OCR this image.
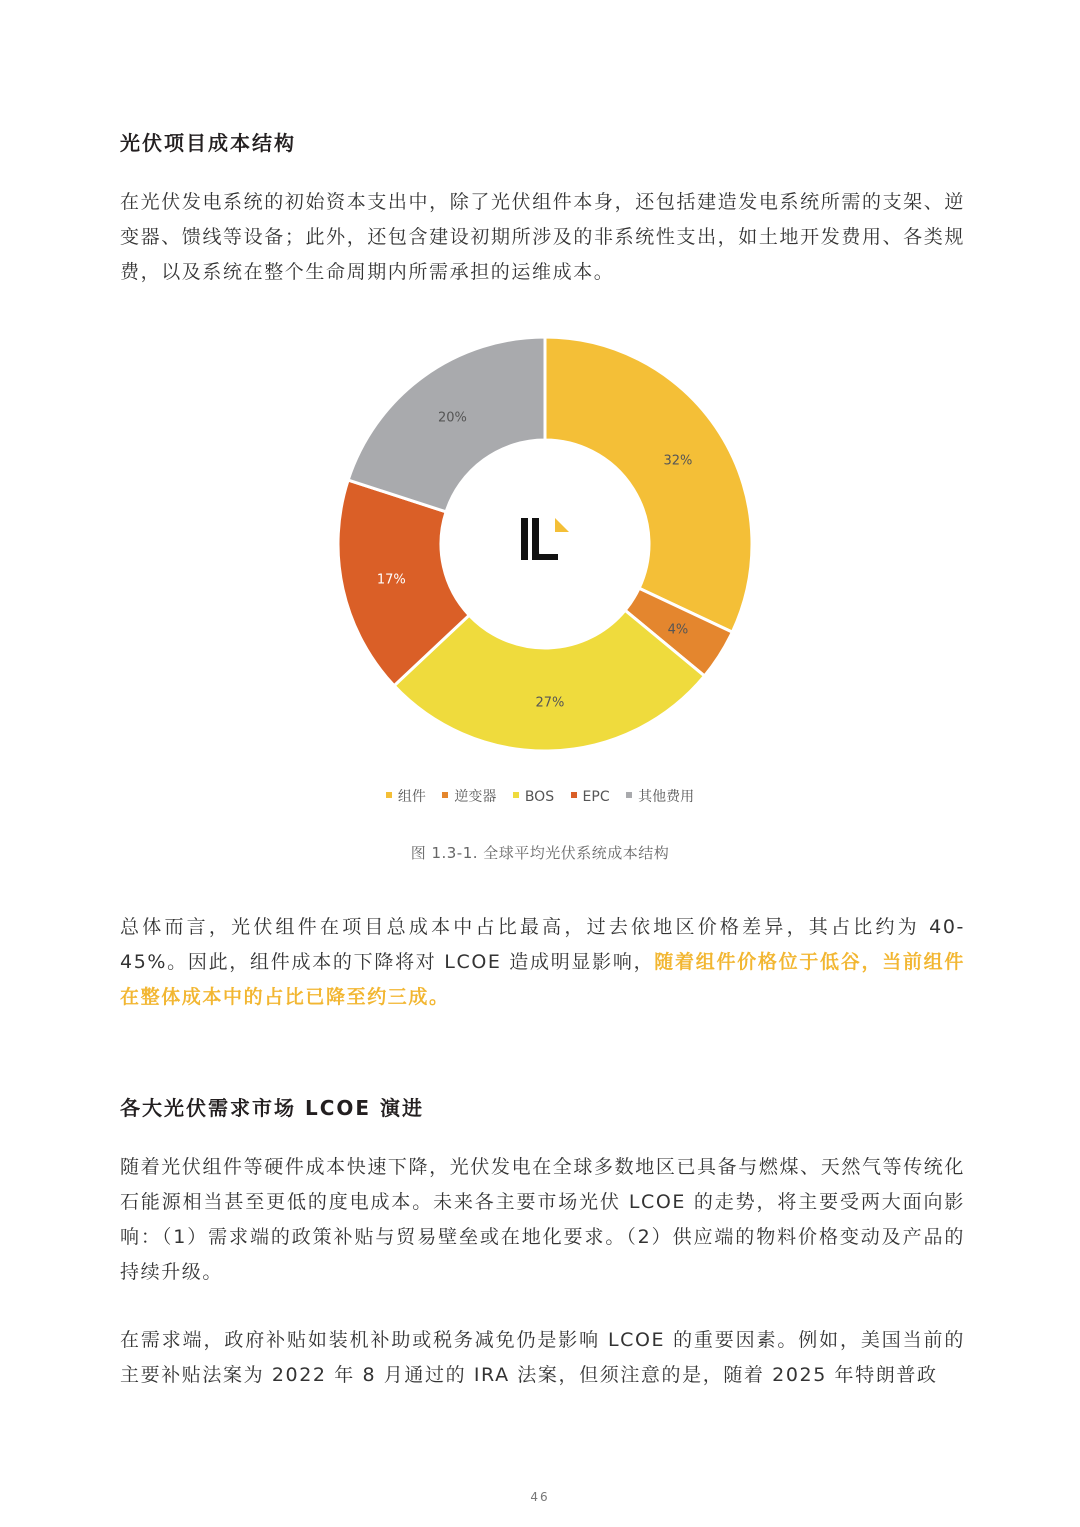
光伏项目成本结构
在光伏发电系统的初始资本支出中，除了光伏组件本身，还包括建造发电系统所需的支架、逆变器、馈线等设备；此外，还包含建设初期所涉及的非系统性支出，如土地开发费用、各类规费，以及系统在整个生命周期内所需承担的运维成本。
32%
4%
27%
17%
20%
组件 逆变器 BOS EPC 其他费用
图 1.3-1. 全球平均光伏系统成本结构
总体而言，光伏组件在项目总成本中占比最高，过去依地区价格差异，其占比约为 40-45%。因此，组件成本的下降将对 LCOE 造成明显影响，随着组件价格位于低谷，当前组件在整体成本中的占比已降至约三成。
各大光伏需求市场 LCOE 演进
随着光伏组件等硬件成本快速下降，光伏发电在全球多数地区已具备与燃煤、天然气等传统化石能源相当甚至更低的度电成本。未来各主要市场光伏 LCOE 的走势，将主要受两大面向影响：（1）需求端的政策补贴与贸易壁垒或在地化要求。（2）供应端的物料价格变动及产品的持续升级。
在需求端，政府补贴如装机补助或税务减免仍是影响 LCOE 的重要因素。例如，美国当前的主要补贴法案为 2022 年 8 月通过的 IRA 法案，但须注意的是，随着 2025 年特朗普政
46
